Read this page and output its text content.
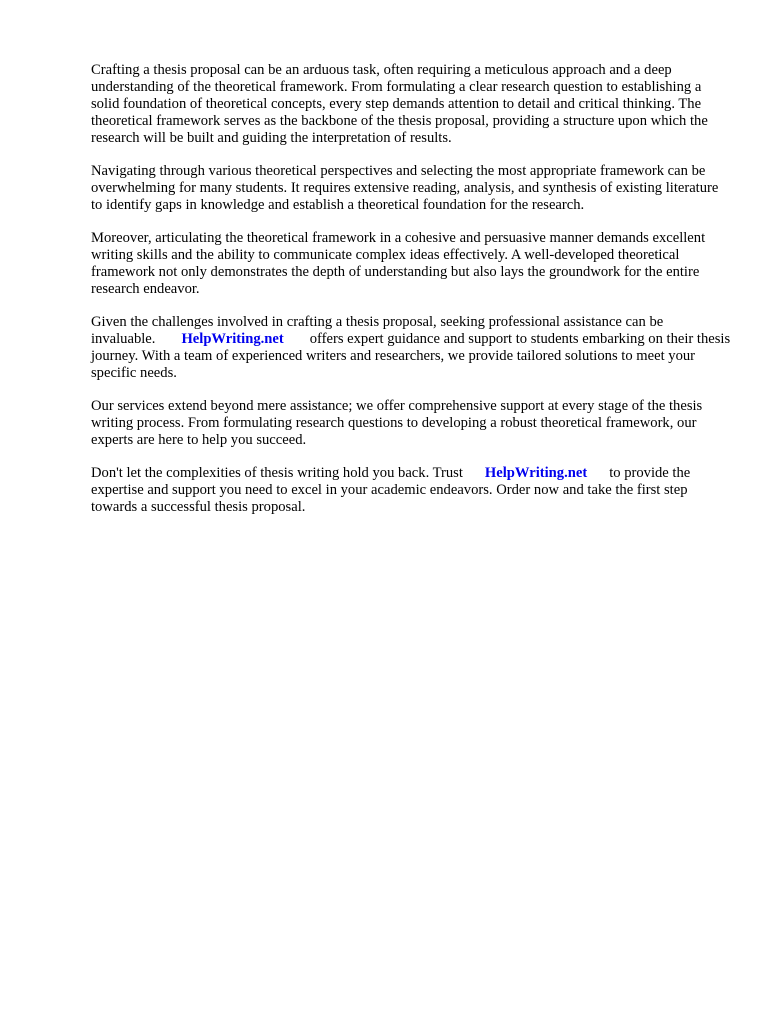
Crafting a thesis proposal can be an arduous task, often requiring a meticulous approach and a deep understanding of the theoretical framework. From formulating a clear research question to establishing a solid foundation of theoretical concepts, every step demands attention to detail and critical thinking. The theoretical framework serves as the backbone of the thesis proposal, providing a structure upon which the research will be built and guiding the interpretation of results.

Navigating through various theoretical perspectives and selecting the most appropriate framework can be overwhelming for many students. It requires extensive reading, analysis, and synthesis of existing literature to identify gaps in knowledge and establish a theoretical foundation for the research.

Moreover, articulating the theoretical framework in a cohesive and persuasive manner demands excellent writing skills and the ability to communicate complex ideas effectively. A well-developed theoretical framework not only demonstrates the depth of understanding but also lays the groundwork for the entire research endeavor.

Given the challenges involved in crafting a thesis proposal, seeking professional assistance can be invaluable. HelpWriting.net offers expert guidance and support to students embarking on their thesis journey. With a team of experienced writers and researchers, we provide tailored solutions to meet your specific needs.

Our services extend beyond mere assistance; we offer comprehensive support at every stage of the thesis writing process. From formulating research questions to developing a robust theoretical framework, our experts are here to help you succeed.

Don't let the complexities of thesis writing hold you back. Trust HelpWriting.net to provide the expertise and support you need to excel in your academic endeavors. Order now and take the first step towards a successful thesis proposal.
